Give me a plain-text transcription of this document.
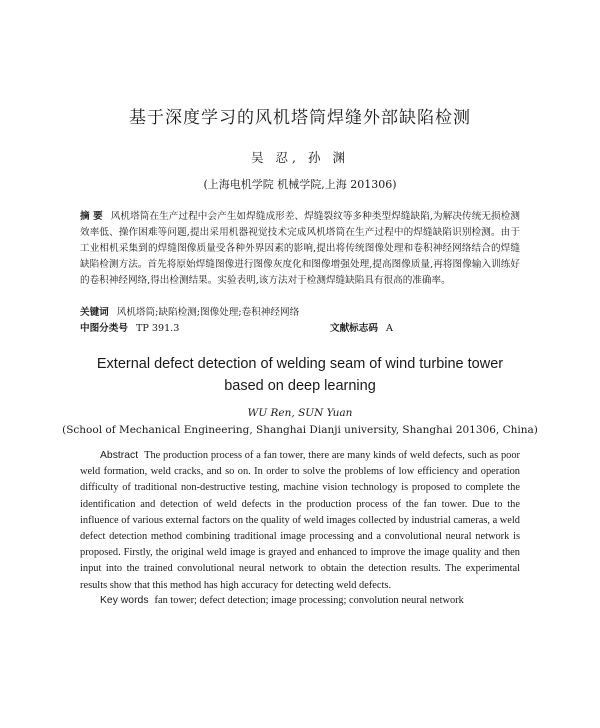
基于深度学习的风机塔筒焊缝外部缺陷检测
吴 忍, 孙 渊
(上海电机学院 机械学院,上海 201306)
摘 要 风机塔筒在生产过程中会产生如焊缝成形差、焊缝裂纹等多种类型焊缝缺陷,为解决传统无损检测效率低、操作困难等问题,提出采用机器视觉技术完成风机塔筒在生产过程中的焊缝缺陷识别检测。由于工业相机采集到的焊缝图像质量受各种外界因素的影响,提出将传统图像处理和卷积神经网络结合的焊缝缺陷检测方法。首先将原始焊缝图像进行图像灰度化和图像增强处理,提高图像质量,再将图像输入训练好的卷积神经网络,得出检测结果。实验表明,该方法对于检测焊缝缺陷具有很高的准确率。
关键词 风机塔筒;缺陷检测;图像处理;卷积神经网络
中图分类号 TP 391.3	文献标志码 A
External defect detection of welding seam of wind turbine tower
based on deep learning
WU Ren, SUN Yuan
(School of Mechanical Engineering, Shanghai Dianji university, Shanghai 201306, China)
Abstract The production process of a fan tower, there are many kinds of weld defects, such as poor weld formation, weld cracks, and so on. In order to solve the problems of low efficiency and operation difficulty of traditional non-destructive testing, machine vision technology is proposed to complete the identification and detection of weld defects in the production process of the fan tower. Due to the influence of various external factors on the quality of weld images collected by industrial cameras, a weld defect detection method combining traditional image processing and a convolutional neural network is proposed. Firstly, the original weld image is grayed and enhanced to improve the image quality and then input into the trained convolutional neural network to obtain the detection results. The experimental results show that this method has high accuracy for detecting weld defects.
Key words fan tower; defect detection; image processing; convolution neural network
